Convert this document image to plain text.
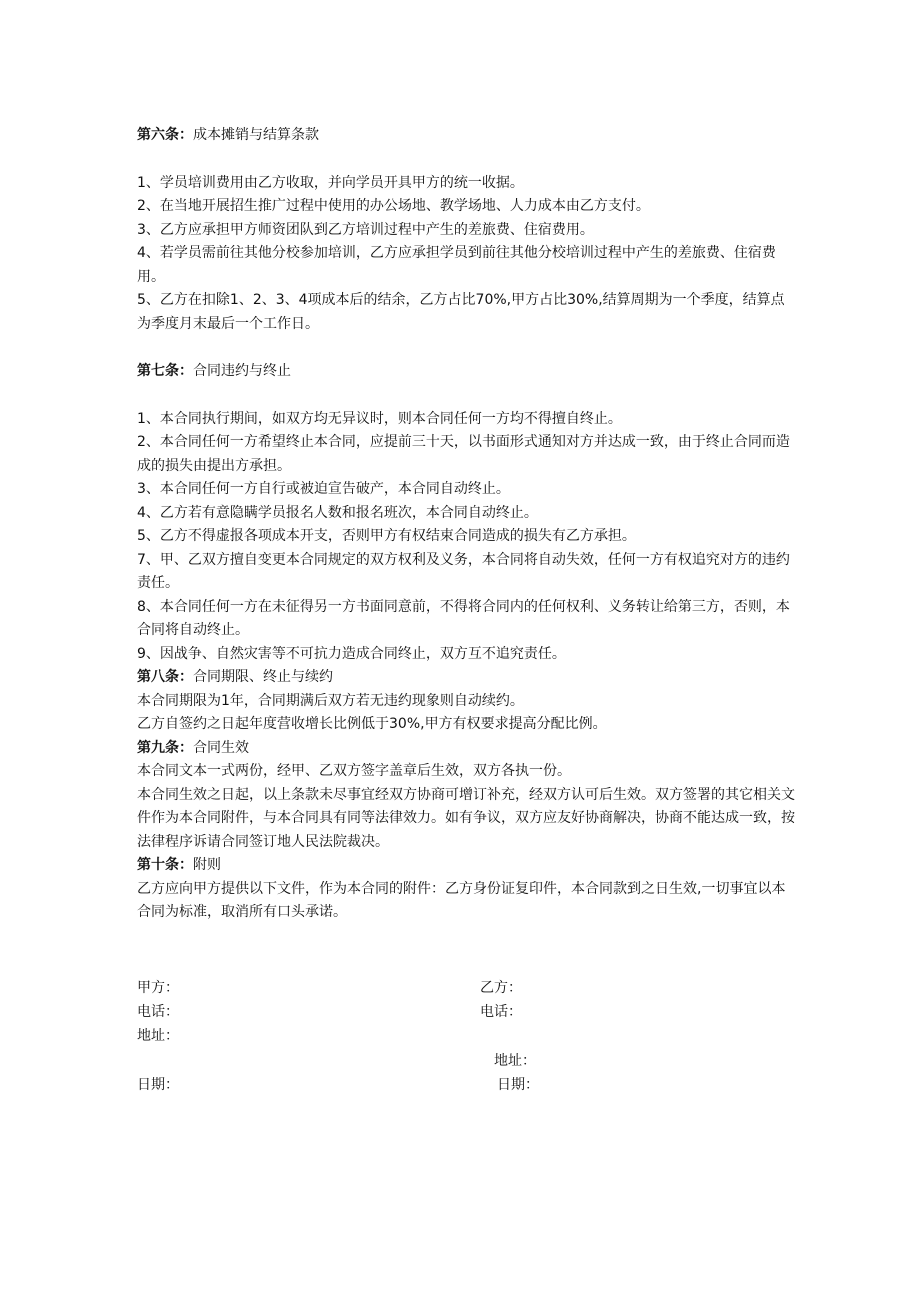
第六条：成本摊销与结算条款

1、学员培训费用由乙方收取，并向学员开具甲方的统一收据。

2、在当地开展招生推广过程中使用的办公场地、教学场地、人力成本由乙方支付。

3、乙方应承担甲方师资团队到乙方培训过程中产生的差旅费、住宿费用。

4、若学员需前往其他分校参加培训，乙方应承担学员到前往其他分校培训过程中产生的差旅费、住宿费用。

5、乙方在扣除1、2、3、4项成本后的结余，乙方占比70%,甲方占比30%,结算周期为一个季度，结算点为季度月末最后一个工作日。

第七条：合同违约与终止

1、本合同执行期间，如双方均无异议时，则本合同任何一方均不得擅自终止。

2、本合同任何一方希望终止本合同，应提前三十天，以书面形式通知对方并达成一致，由于终止合同而造成的损失由提出方承担。

3、本合同任何一方自行或被迫宣告破产，本合同自动终止。

4、乙方若有意隐瞒学员报名人数和报名班次，本合同自动终止。

5、乙方不得虚报各项成本开支，否则甲方有权结束合同造成的损失有乙方承担。

7、甲、乙双方擅自变更本合同规定的双方权利及义务，本合同将自动失效，任何一方有权追究对方的违约责任。

8、本合同任何一方在未征得另一方书面同意前，不得将合同内的任何权利、义务转让给第三方，否则，本合同将自动终止。

9、因战争、自然灾害等不可抗力造成合同终止，双方互不追究责任。

第八条：合同期限、终止与续约

本合同期限为1年，合同期满后双方若无违约现象则自动续约。

乙方自签约之日起年度营收增长比例低于30%,甲方有权要求提高分配比例。

第九条：合同生效

本合同文本一式两份，经甲、乙双方签字盖章后生效，双方各执一份。

本合同生效之日起，以上条款未尽事宜经双方协商可增订补充，经双方认可后生效。双方签署的其它相关文件作为本合同附件，与本合同具有同等法律效力。如有争议，双方应友好协商解决，协商不能达成一致，按法律程序诉请合同签订地人民法院裁决。

第十条：附则

乙方应向甲方提供以下文件，作为本合同的附件：乙方身份证复印件，本合同款到之日生效,一切事宜以本合同为标准，取消所有口头承诺。

甲方：	乙方：
电话：	电话：
地址：
地址：
日期：	日期：
